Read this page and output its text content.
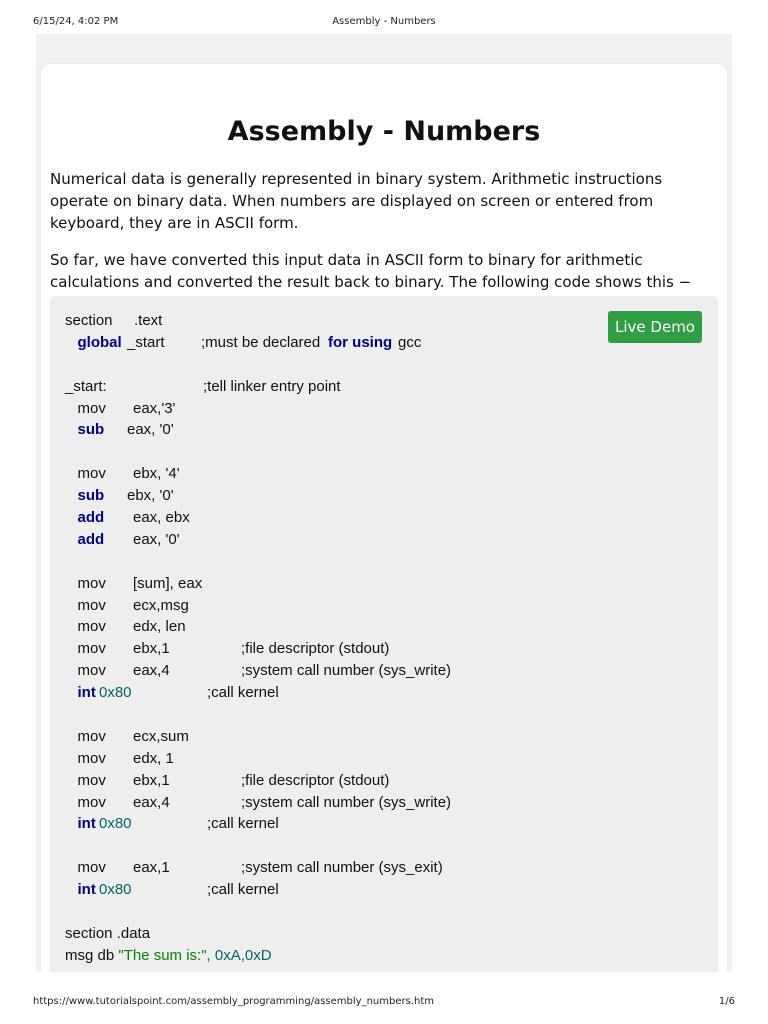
6/15/24, 4:02 PM	Assembly - Numbers
Assembly - Numbers

Numerical data is generally represented in binary system. Arithmetic instructions operate on binary data. When numbers are displayed on screen or entered from keyboard, they are in ASCII form.

So far, we have converted this input data in ASCII form to binary for arithmetic calculations and converted the result back to binary. The following code shows this −

Live Demo
section .text
global _start ;must be declared for using gcc
_start:	;tell linker entry point
mov eax,'3'
sub eax, '0'
mov ebx, '4'
sub ebx, '0'
add eax, ebx
add eax, '0'
mov [sum], eax
mov ecx,msg
mov edx, len
mov ebx,1	;file descriptor (stdout)
mov eax,4	;system call number (sys_write)
int 0x80	;call kernel
mov ecx,sum
mov edx, 1
mov ebx,1	;file descriptor (stdout)
mov eax,4	;system call number (sys_write)
int 0x80	;call kernel
mov eax,1	;system call number (sys_exit)
int 0x80	;call kernel
section .data
msg db "The sum is:", 0xA,0xD
https://www.tutorialspoint.com/assembly_programming/assembly_numbers.htm	1/6
